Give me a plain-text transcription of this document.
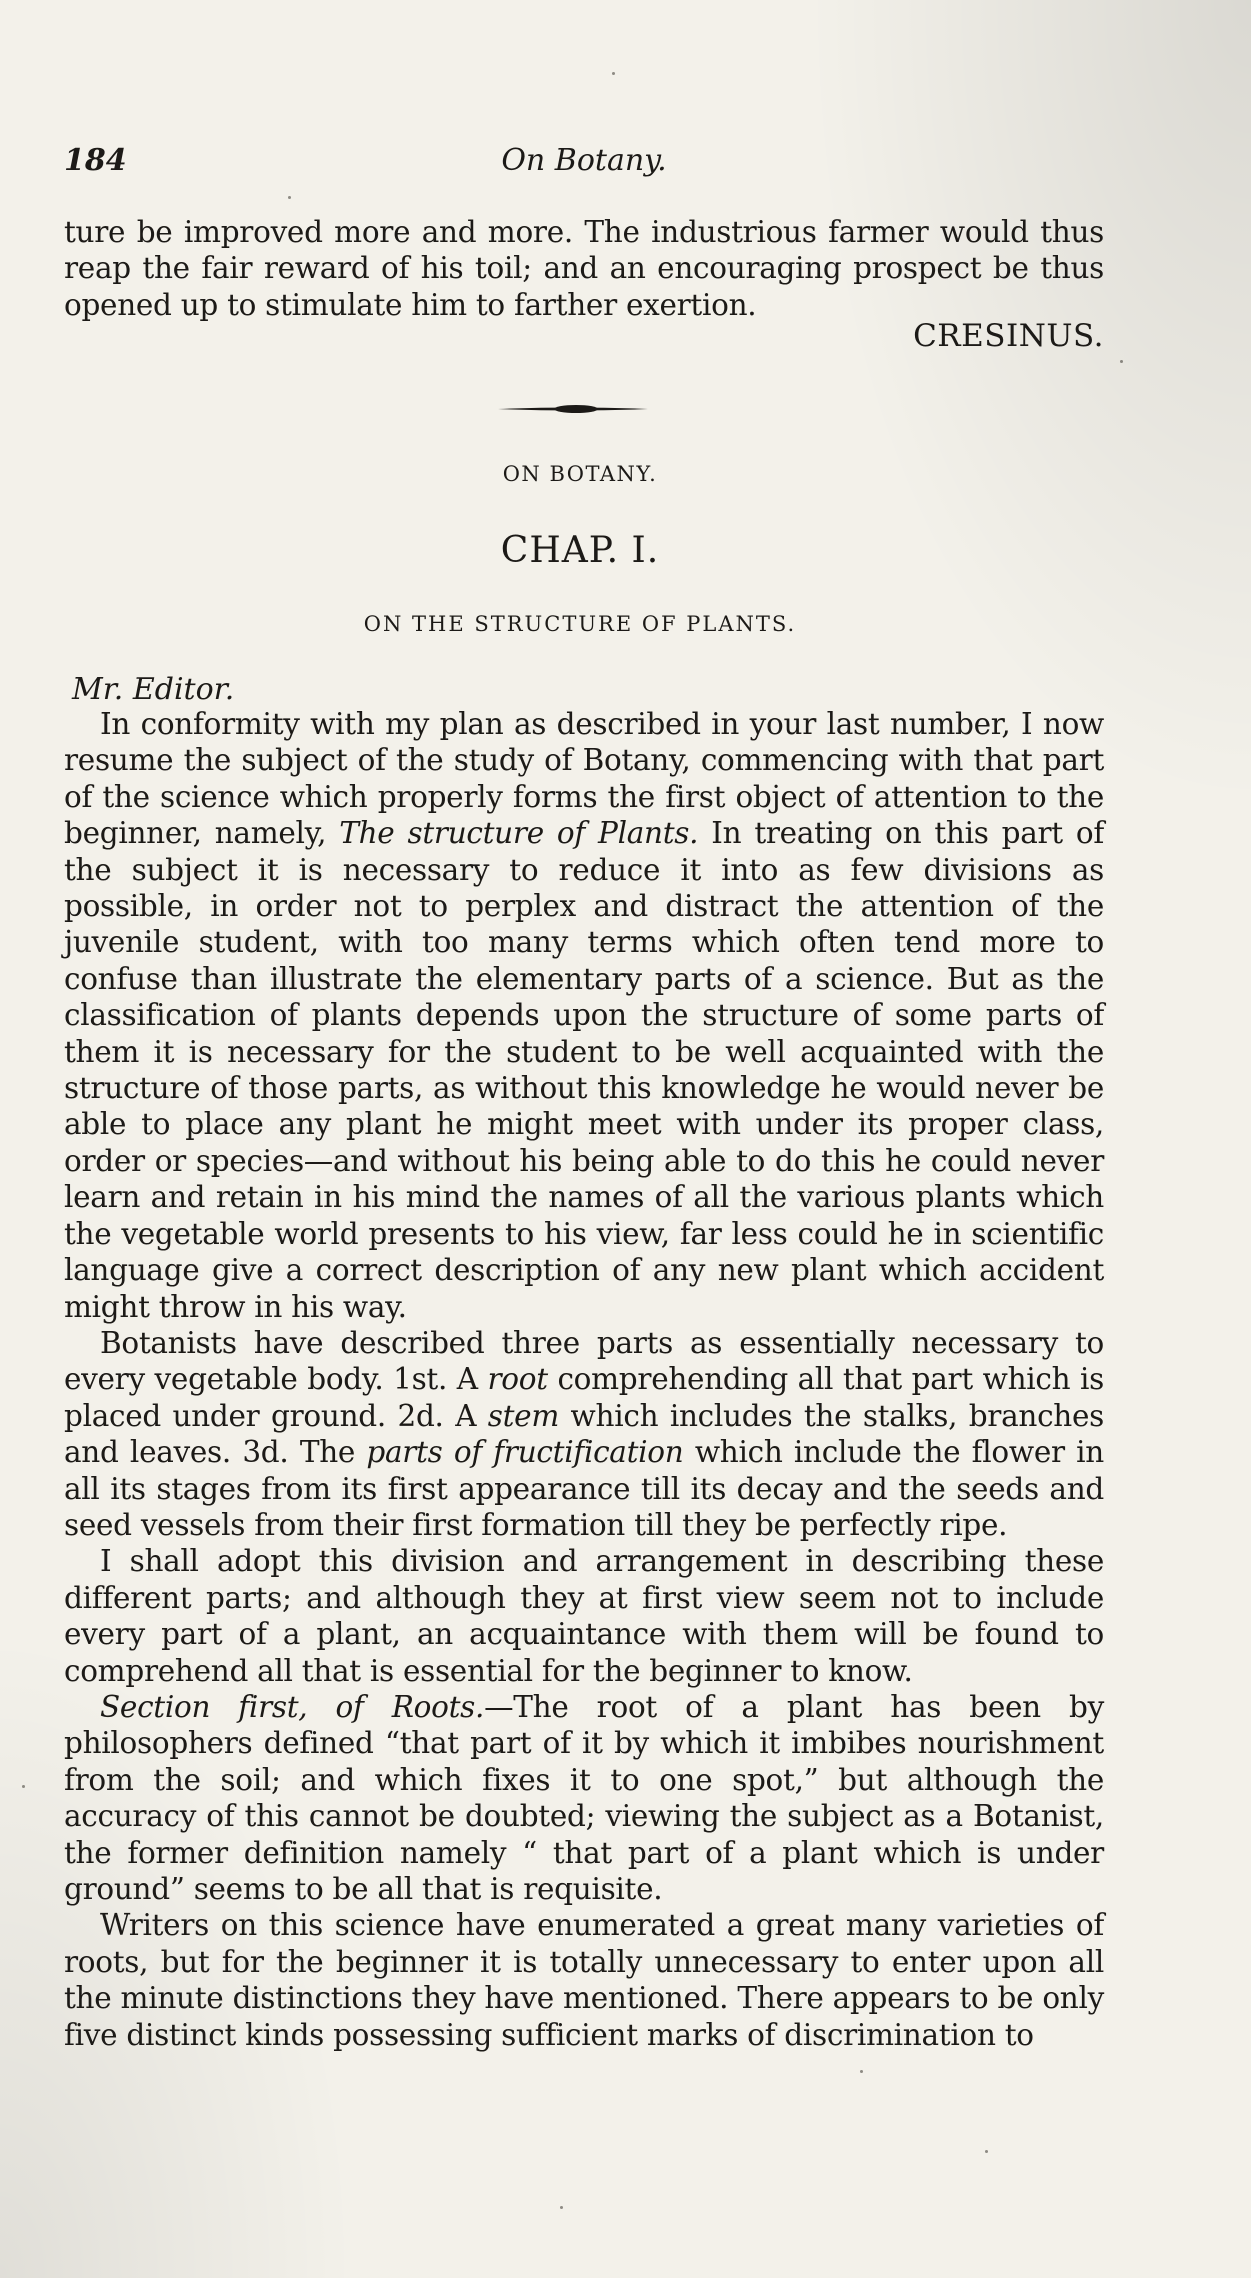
184	On Botany.

ture be improved more and more. The industrious farmer would thus reap the fair reward of his toil; and an encouraging prospect be thus opened up to stimulate him to farther exertion.

CRESINUS.
ON BOTANY.
CHAP. I.
ON THE STRUCTURE OF PLANTS.
Mr. Editor.

In conformity with my plan as described in your last number, I now resume the subject of the study of Botany, commencing with that part of the science which properly forms the first object of attention to the beginner, namely, The structure of Plants. In treating on this part of the subject it is necessary to reduce it into as few divisions as possible, in order not to perplex and distract the attention of the juvenile student, with too many terms which often tend more to confuse than illustrate the elementary parts of a science. But as the classification of plants depends upon the structure of some parts of them it is necessary for the student to be well acquainted with the structure of those parts, as without this knowledge he would never be able to place any plant he might meet with under its proper class, order or species—and without his being able to do this he could never learn and retain in his mind the names of all the various plants which the vegetable world presents to his view, far less could he in scientific language give a correct description of any new plant which accident might throw in his way.

Botanists have described three parts as essentially necessary to every vegetable body. 1st. A root comprehending all that part which is placed under ground. 2d. A stem which includes the stalks, branches and leaves. 3d. The parts of fructification which include the flower in all its stages from its first appearance till its decay and the seeds and seed vessels from their first formation till they be perfectly ripe.

I shall adopt this division and arrangement in describing these different parts; and although they at first view seem not to include every part of a plant, an acquaintance with them will be found to comprehend all that is essential for the beginner to know.

Section first, of Roots.—The root of a plant has been by philosophers defined “that part of it by which it imbibes nourishment from the soil; and which fixes it to one spot,” but although the accuracy of this cannot be doubted; viewing the subject as a Botanist, the former definition namely “ that part of a plant which is under ground” seems to be all that is requisite.

Writers on this science have enumerated a great many varieties of roots, but for the beginner it is totally unnecessary to enter upon all the minute distinctions they have mentioned. There appears to be only five distinct kinds possessing sufficient marks of discrimination to
